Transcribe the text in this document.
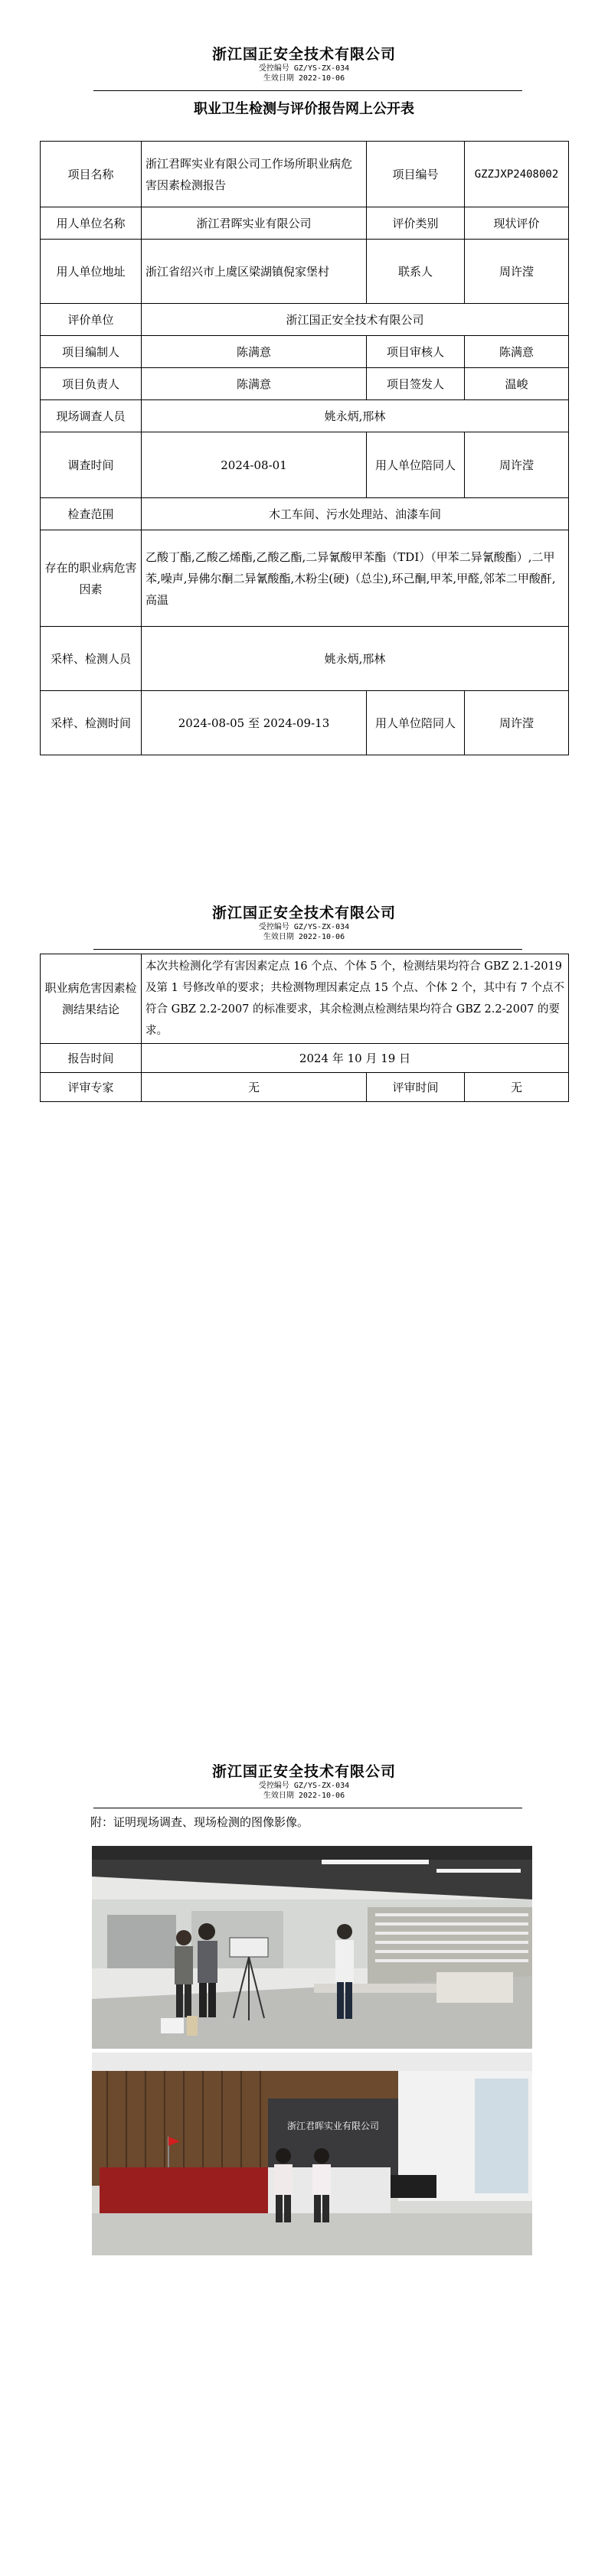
浙江国正安全技术有限公司
受控编号 GZ/YS-ZX-034
生效日期 2022-10-06
职业卫生检测与评价报告网上公开表
项目名称	浙江君晖实业有限公司工作场所职业病危害因素检测报告	项目编号	GZZJXP2408002
用人单位名称	浙江君晖实业有限公司	评价类别	现状评价
用人单位地址	浙江省绍兴市上虞区梁湖镇倪家堡村	联系人	周许滢
评价单位	浙江国正安全技术有限公司		
项目编制人	陈满意	项目审核人	陈满意
项目负责人	陈满意	项目签发人	温峻
现场调查人员	姚永炳,邢林		
调查时间	2024-08-01	用人单位陪同人	周许滢
检查范围	木工车间、污水处理站、油漆车间		
存在的职业病危害因素	乙酸丁酯,乙酸乙烯酯,乙酸乙酯,二异氰酸甲苯酯（TDI）（甲苯二异氰酸酯）,二甲苯,噪声,异佛尔酮二异氰酸酯,木粉尘(硬)（总尘),环己酮,甲苯,甲醛,邻苯二甲酸酐,高温		
采样、检测人员	姚永炳,邢林		
采样、检测时间	2024-08-05 至 2024-09-13	用人单位陪同人	周许滢
浙江国正安全技术有限公司
受控编号 GZ/YS-ZX-034
生效日期 2022-10-06
职业病危害因素检测结果结论	本次共检测化学有害因素定点 16 个点、个体 5 个，检测结果均符合 GBZ 2.1-2019 及第 1 号修改单的要求；共检测物理因素定点 15 个点、个体 2 个，其中有 7 个点不符合 GBZ 2.2-2007 的标准要求，其余检测点检测结果均符合 GBZ 2.2-2007 的要求。		
报告时间	2024 年 10 月 19 日		
评审专家	无	评审时间	无
浙江国正安全技术有限公司
受控编号 GZ/YS-ZX-034
生效日期 2022-10-06
附：证明现场调查、现场检测的图像影像。
浙江君晖实业有限公司
